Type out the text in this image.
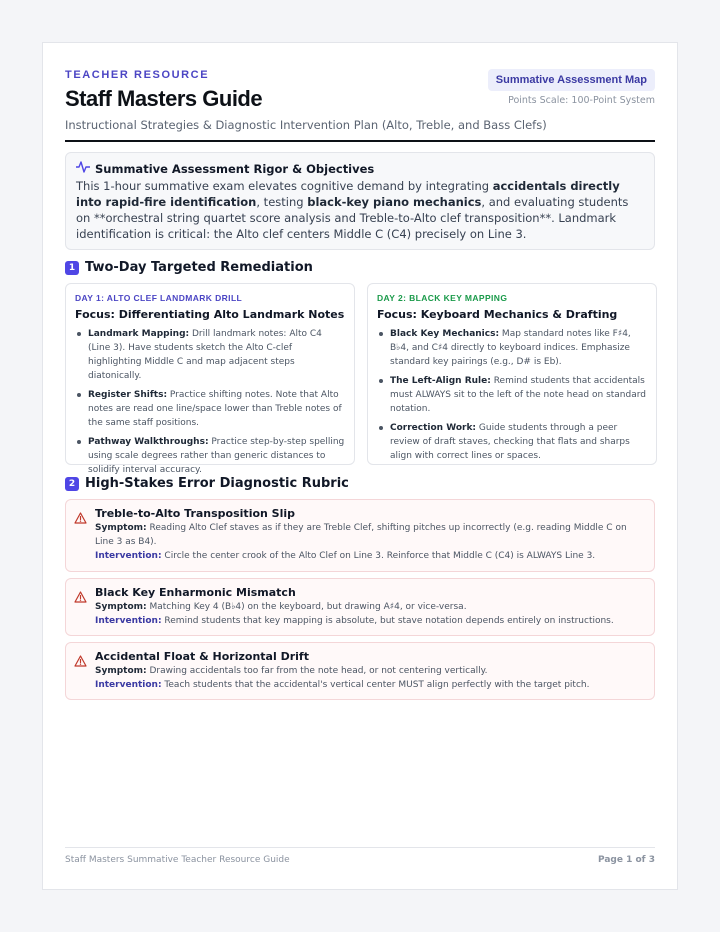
TEACHER RESOURCE
Staff Masters Guide
Instructional Strategies & Diagnostic Intervention Plan (Alto, Treble, and Bass Clefs)
Summative Assessment Map
Points Scale: 100-Point System
Summative Assessment Rigor & Objectives
This 1-hour summative exam elevates cognitive demand by integrating accidentals directly into rapid-fire identification, testing black-key piano mechanics, and evaluating students on **orchestral string quartet score analysis and Treble-to-Alto clef transposition**. Landmark identification is critical: the Alto clef centers Middle C (C4) precisely on Line 3.
1 Two-Day Targeted Remediation
DAY 1: ALTO CLEF LANDMARK DRILL
Focus: Differentiating Alto Landmark Notes
Landmark Mapping: Drill landmark notes: Alto C4 (Line 3). Have students sketch the Alto C-clef highlighting Middle C and map adjacent steps diatonically.
Register Shifts: Practice shifting notes. Note that Alto notes are read one line/space lower than Treble notes of the same staff positions.
Pathway Walkthroughs: Practice step-by-step spelling using scale degrees rather than generic distances to solidify interval accuracy.
DAY 2: BLACK KEY MAPPING
Focus: Keyboard Mechanics & Drafting
Black Key Mechanics: Map standard notes like F♯4, B♭4, and C♯4 directly to keyboard indices. Emphasize standard key pairings (e.g., D# is Eb).
The Left-Align Rule: Remind students that accidentals must ALWAYS sit to the left of the note head on standard notation.
Correction Work: Guide students through a peer review of draft staves, checking that flats and sharps align with correct lines or spaces.
2 High-Stakes Error Diagnostic Rubric
Treble-to-Alto Transposition Slip
Symptom: Reading Alto Clef staves as if they are Treble Clef, shifting pitches up incorrectly (e.g. reading Middle C on Line 3 as B4).
Intervention: Circle the center crook of the Alto Clef on Line 3. Reinforce that Middle C (C4) is ALWAYS Line 3.
Black Key Enharmonic Mismatch
Symptom: Matching Key 4 (B♭4) on the keyboard, but drawing A♯4, or vice-versa.
Intervention: Remind students that key mapping is absolute, but stave notation depends entirely on instructions.
Accidental Float & Horizontal Drift
Symptom: Drawing accidentals too far from the note head, or not centering vertically.
Intervention: Teach students that the accidental's vertical center MUST align perfectly with the target pitch.
Staff Masters Summative Teacher Resource Guide	Page 1 of 3
